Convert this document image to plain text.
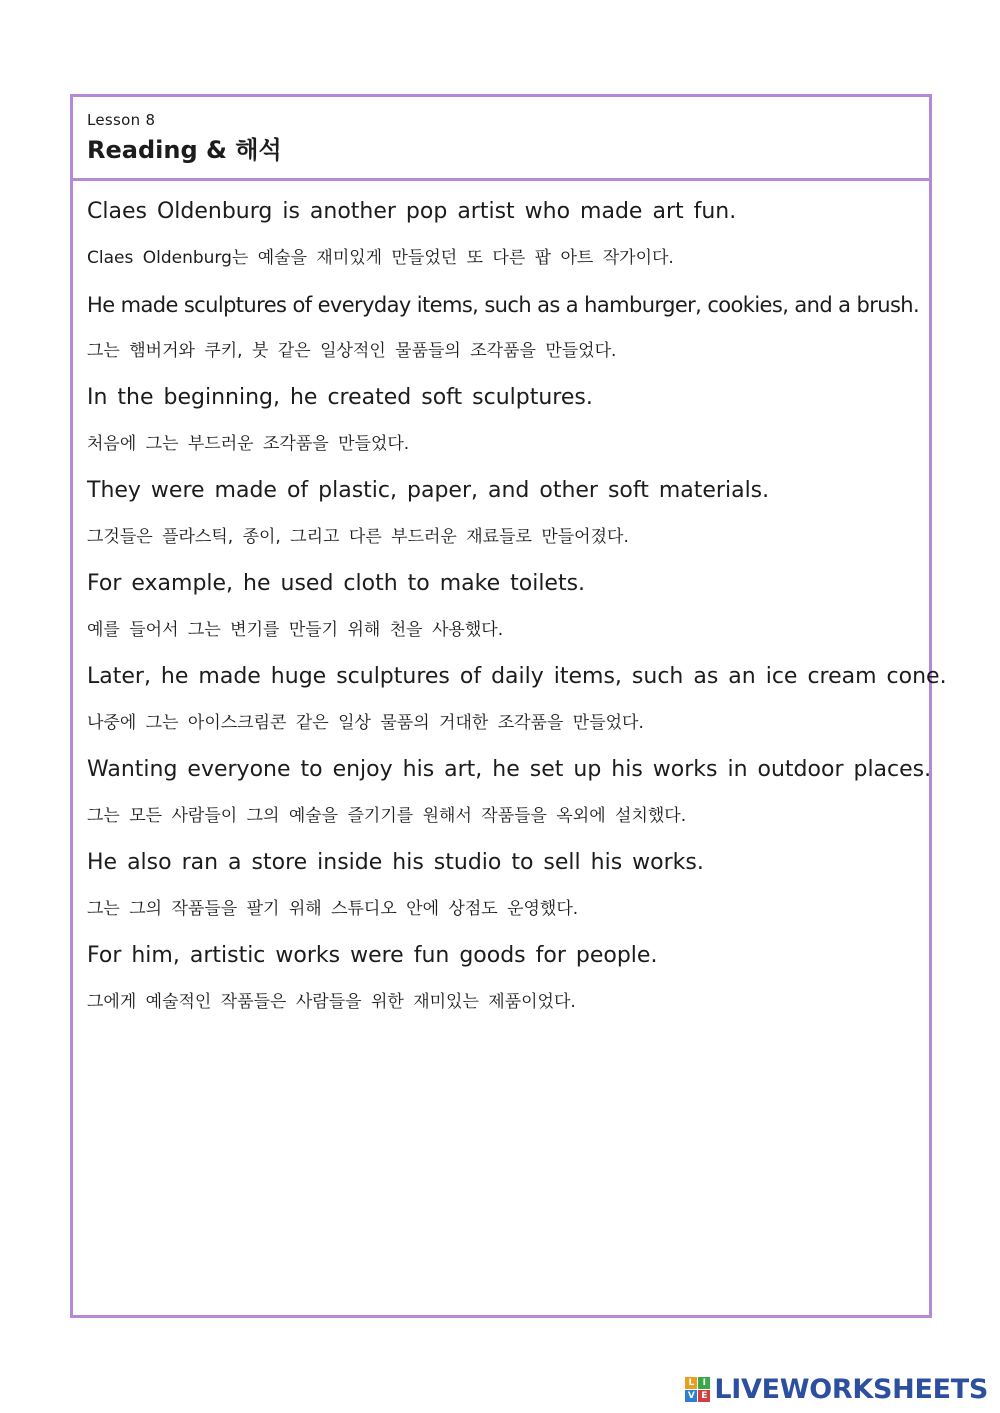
Lesson 8
Reading & 해석
Claes Oldenburg is another pop artist who made art fun.
Claes Oldenburg는 예술을 재미있게 만들었던 또 다른 팝 아트 작가이다.
He made sculptures of everyday items, such as a hamburger, cookies, and a brush.
그는 햄버거와 쿠키, 붓 같은 일상적인 물품들의 조각품을 만들었다.
In the beginning, he created soft sculptures.
처음에 그는 부드러운 조각품을 만들었다.
They were made of plastic, paper, and other soft materials.
그것들은 플라스틱, 종이, 그리고 다른 부드러운 재료들로 만들어졌다.
For example, he used cloth to make toilets.
예를 들어서 그는 변기를 만들기 위해 천을 사용했다.
Later, he made huge sculptures of daily items, such as an ice cream cone.
나중에 그는 아이스크림콘 같은 일상 물품의 거대한 조각품을 만들었다.
Wanting everyone to enjoy his art, he set up his works in outdoor places.
그는 모든 사람들이 그의 예술을 즐기기를 원해서 작품들을 옥외에 설치했다.
He also ran a store inside his studio to sell his works.
그는 그의 작품들을 팔기 위해 스튜디오 안에 상점도 운영했다.
For him, artistic works were fun goods for people.
그에게 예술적인 작품들은 사람들을 위한 재미있는 제품이었다.
L I
V E LIVEWORKSHEETS
